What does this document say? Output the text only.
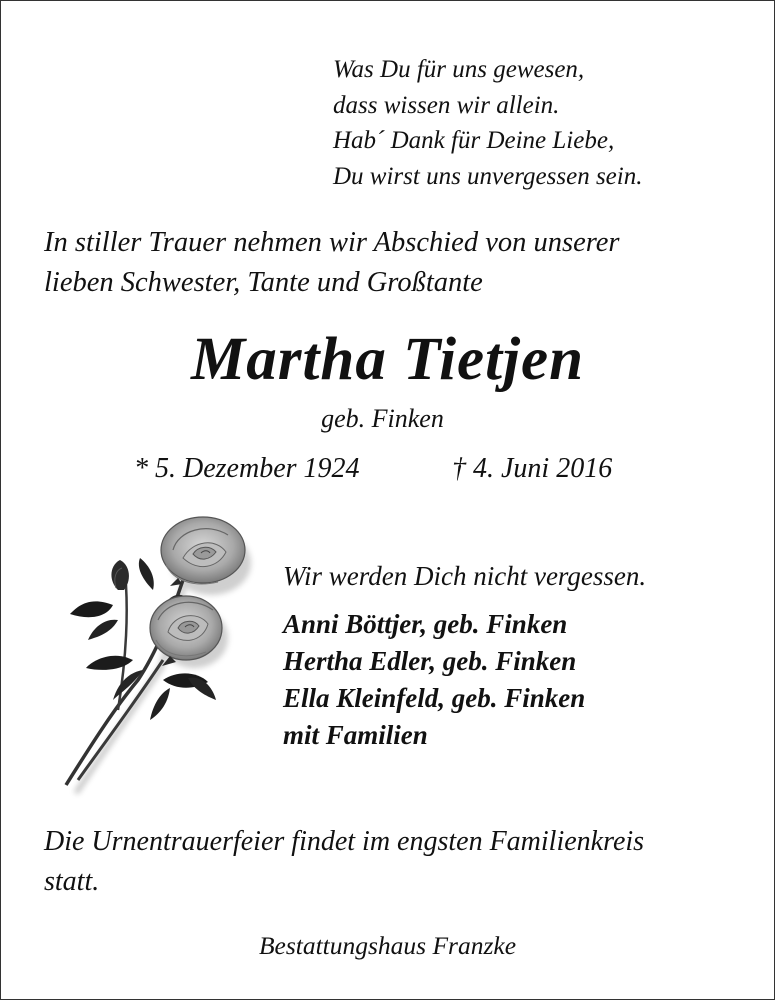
Was Du für uns gewesen,
dass wissen wir allein.
Hab´ Dank für Deine Liebe,
Du wirst uns unvergessen sein.
In stiller Trauer nehmen wir Abschied von unserer
lieben Schwester, Tante und Großtante
Martha Tietjen
geb. Finken
* 5. Dezember 1924	† 4. Juni 2016
Wir werden Dich nicht vergessen.
Anni Böttjer, geb. Finken
Hertha Edler, geb. Finken
Ella Kleinfeld, geb. Finken
mit Familien
Die Urnentrauerfeier findet im engsten Familienkreis
statt.
Bestattungshaus Franzke
